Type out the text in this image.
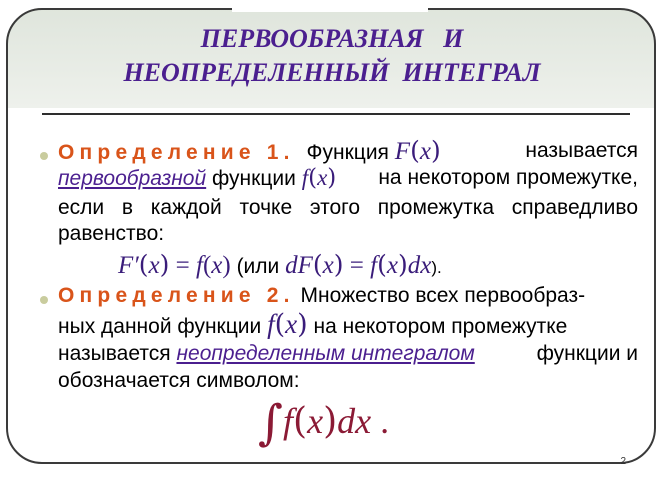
ПЕРВООБРАЗНАЯ   И
НЕОПРЕДЕЛЕННЫЙ  ИНТЕГРАЛ
Определение 1. Функция F(x)	называется
первообразной функции f(x) на некотором промежутке,
если в каждой точке этого промежутка справедливо
равенство:
F′(x) = f(x) (или dF(x) = f(x)dx).
Определение 2. Множество всех первообраз-
ных данной функции f(x) на некотором промежутке
называется неопределенным интегралом	функции и
обозначается символом:
∫f(x)dx .
2
